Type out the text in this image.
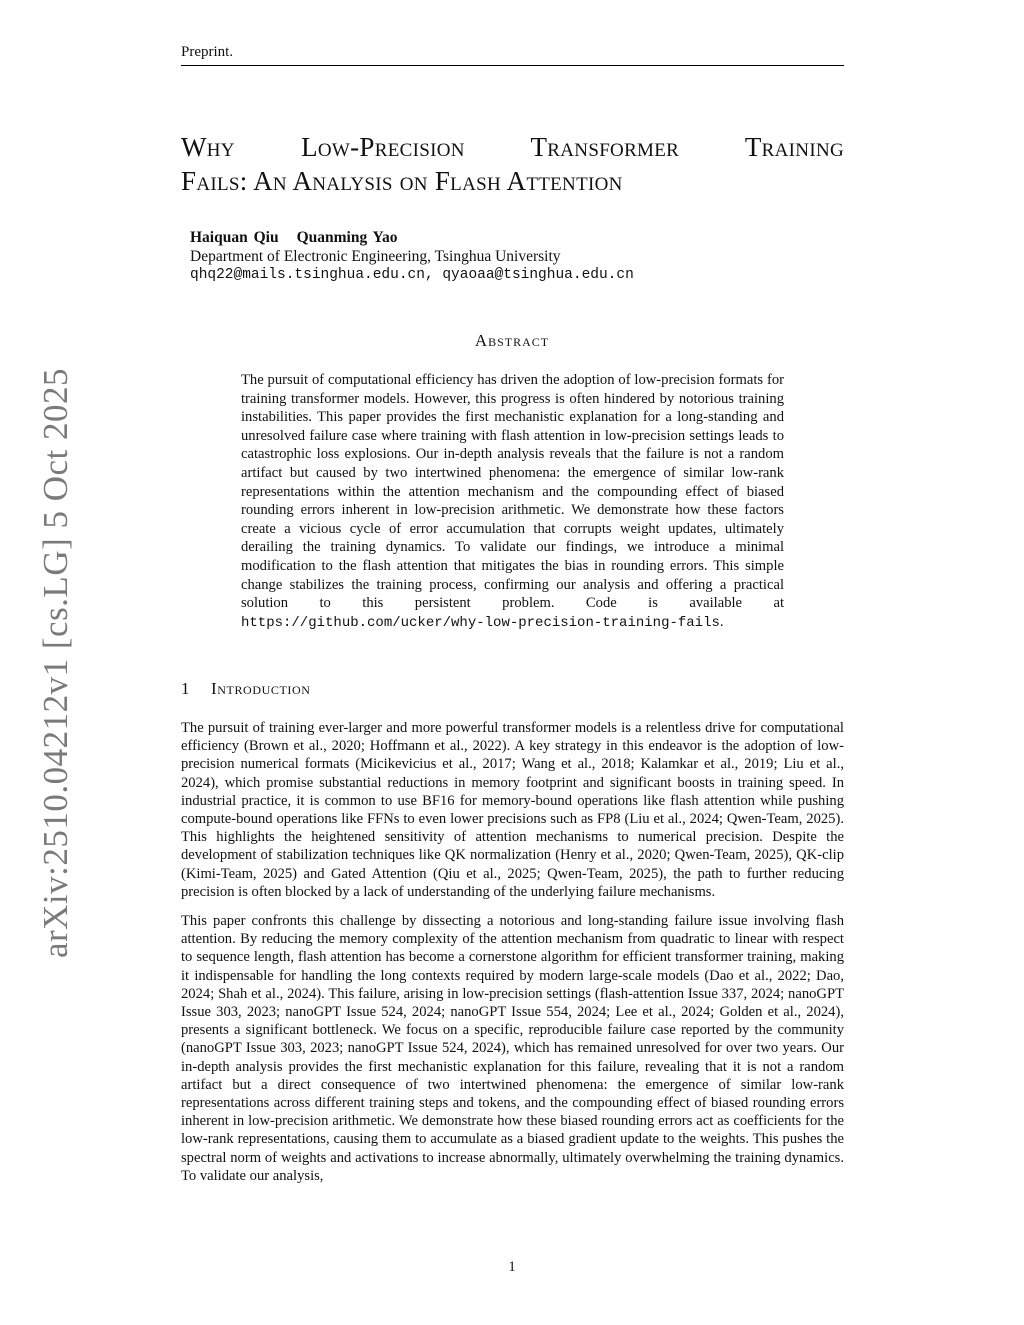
Preprint.
Why Low-Precision Transformer Training
Fails: An Analysis on Flash Attention
Haiquan Qiu Quanming Yao
Department of Electronic Engineering, Tsinghua University
qhq22@mails.tsinghua.edu.cn, qyaoaa@tsinghua.edu.cn
Abstract
The pursuit of computational efficiency has driven the adoption of low-precision formats for training transformer models. However, this progress is often hindered by notorious training instabilities. This paper provides the first mechanistic explanation for a long-standing and unresolved failure case where training with flash attention in low-precision settings leads to catastrophic loss explosions. Our in-depth analysis reveals that the failure is not a random artifact but caused by two intertwined phenomena: the emergence of similar low-rank representations within the attention mechanism and the compounding effect of biased rounding errors inherent in low-precision arithmetic. We demonstrate how these factors create a vicious cycle of error accumulation that corrupts weight updates, ultimately derailing the training dynamics. To validate our findings, we introduce a minimal modification to the flash attention that mitigates the bias in rounding errors. This simple change stabilizes the training process, confirming our analysis and offering a practical solution to this persistent problem. Code is available at https://github.com/ucker/why-low-precision-training-fails.
1 Introduction

The pursuit of training ever-larger and more powerful transformer models is a relentless drive for computational efficiency (Brown et al., 2020; Hoffmann et al., 2022). A key strategy in this endeavor is the adoption of low-precision numerical formats (Micikevicius et al., 2017; Wang et al., 2018; Kalamkar et al., 2019; Liu et al., 2024), which promise substantial reductions in memory footprint and significant boosts in training speed. In industrial practice, it is common to use BF16 for memory-bound operations like flash attention while pushing compute-bound operations like FFNs to even lower precisions such as FP8 (Liu et al., 2024; Qwen-Team, 2025). This highlights the heightened sensitivity of attention mechanisms to numerical precision. Despite the development of stabilization techniques like QK normalization (Henry et al., 2020; Qwen-Team, 2025), QK-clip (Kimi-Team, 2025) and Gated Attention (Qiu et al., 2025; Qwen-Team, 2025), the path to further reducing precision is often blocked by a lack of understanding of the underlying failure mechanisms.

This paper confronts this challenge by dissecting a notorious and long-standing failure issue involving flash attention. By reducing the memory complexity of the attention mechanism from quadratic to linear with respect to sequence length, flash attention has become a cornerstone algorithm for efficient transformer training, making it indispensable for handling the long contexts required by modern large-scale models (Dao et al., 2022; Dao, 2024; Shah et al., 2024). This failure, arising in low-precision settings (flash-attention Issue 337, 2024; nanoGPT Issue 303, 2023; nanoGPT Issue 524, 2024; nanoGPT Issue 554, 2024; Lee et al., 2024; Golden et al., 2024), presents a significant bottleneck. We focus on a specific, reproducible failure case reported by the community (nanoGPT Issue 303, 2023; nanoGPT Issue 524, 2024), which has remained unresolved for over two years. Our in-depth analysis provides the first mechanistic explanation for this failure, revealing that it is not a random artifact but a direct consequence of two intertwined phenomena: the emergence of similar low-rank representations across different training steps and tokens, and the compounding effect of biased rounding errors inherent in low-precision arithmetic. We demonstrate how these biased rounding errors act as coefficients for the low-rank representations, causing them to accumulate as a biased gradient update to the weights. This pushes the spectral norm of weights and activations to increase abnormally, ultimately overwhelming the training dynamics. To validate our analysis,

1
arXiv:2510.04212v1 [cs.LG] 5 Oct 2025
